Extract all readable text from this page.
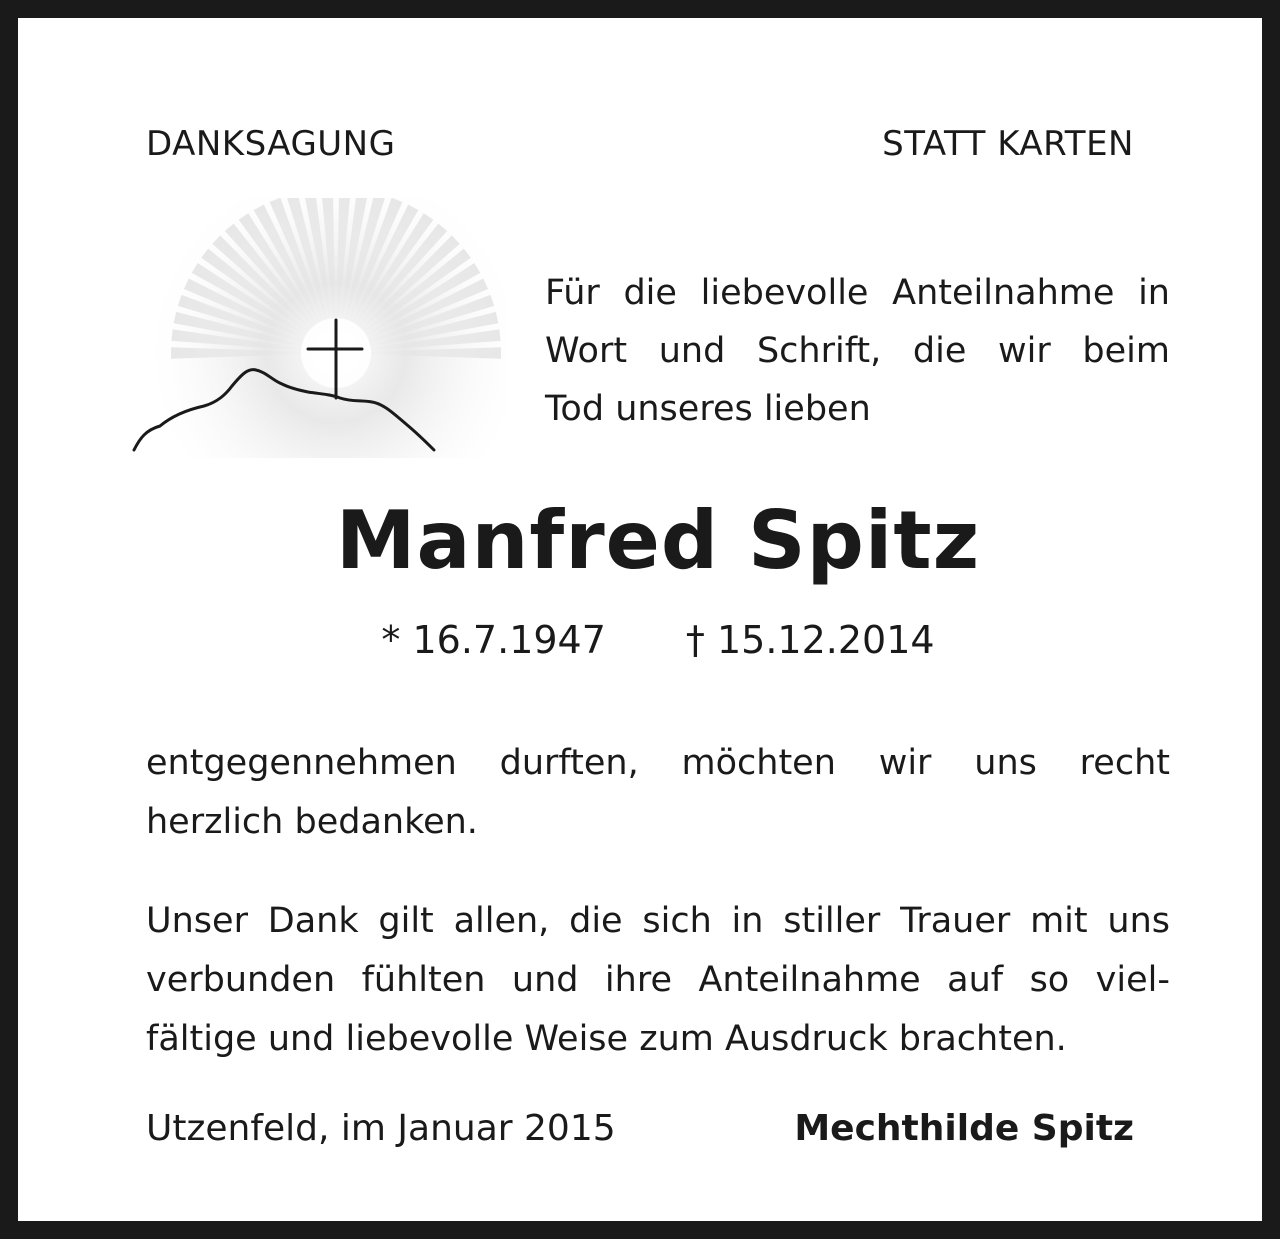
DANKSAGUNG	STATT KARTEN
Für die liebevolle Anteilnahme in
Wort und Schrift, die wir beim
Tod unseres lieben
Manfred Spitz
* 16.7.1947 † 15.12.2014
entgegennehmen durften, möchten wir uns recht
herzlich bedanken.
Unser Dank gilt allen, die sich in stiller Trauer mit uns
verbunden fühlten und ihre Anteilnahme auf so viel-
fältige und liebevolle Weise zum Ausdruck brachten.
Utzenfeld, im Januar 2015	Mechthilde Spitz
